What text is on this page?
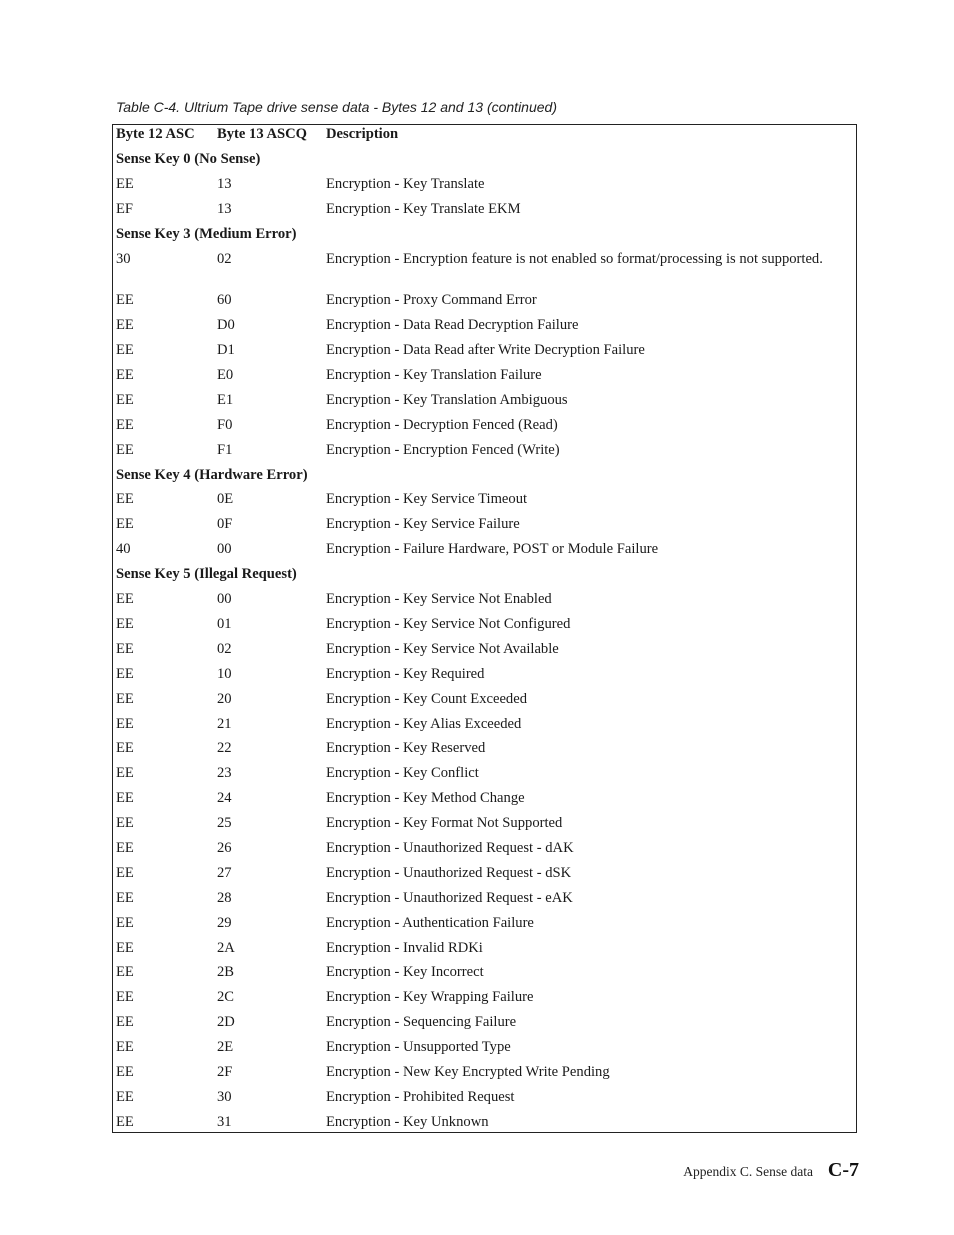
Table C-4. Ultrium Tape drive sense data - Bytes 12 and 13 (continued)
Byte 12 ASC Byte 13 ASCQ Description
Sense Key 0 (No Sense)
EE	13	Encryption - Key Translate
EF	13	Encryption - Key Translate EKM
Sense Key 3 (Medium Error)
30	02	Encryption - Encryption feature is not enabled so format/processing is not supported.
EE	60	Encryption - Proxy Command Error
EE	D0	Encryption - Data Read Decryption Failure
EE	D1	Encryption - Data Read after Write Decryption Failure
EE	E0	Encryption - Key Translation Failure
EE	E1	Encryption - Key Translation Ambiguous
EE	F0	Encryption - Decryption Fenced (Read)
EE	F1	Encryption - Encryption Fenced (Write)
Sense Key 4 (Hardware Error)
EE	0E	Encryption - Key Service Timeout
EE	0F	Encryption - Key Service Failure
40	00	Encryption - Failure Hardware, POST or Module Failure
Sense Key 5 (Illegal Request)
EE	00	Encryption - Key Service Not Enabled
EE	01	Encryption - Key Service Not Configured
EE	02	Encryption - Key Service Not Available
EE	10	Encryption - Key Required
EE	20	Encryption - Key Count Exceeded
EE	21	Encryption - Key Alias Exceeded
EE	22	Encryption - Key Reserved
EE	23	Encryption - Key Conflict
EE	24	Encryption - Key Method Change
EE	25	Encryption - Key Format Not Supported
EE	26	Encryption - Unauthorized Request - dAK
EE	27	Encryption - Unauthorized Request - dSK
EE	28	Encryption - Unauthorized Request - eAK
EE	29	Encryption - Authentication Failure
EE	2A	Encryption - Invalid RDKi
EE	2B	Encryption - Key Incorrect
EE	2C	Encryption - Key Wrapping Failure
EE	2D	Encryption - Sequencing Failure
EE	2E	Encryption - Unsupported Type
EE	2F	Encryption - New Key Encrypted Write Pending
EE	30	Encryption - Prohibited Request
EE	31	Encryption - Key Unknown
Appendix C. Sense data C-7
